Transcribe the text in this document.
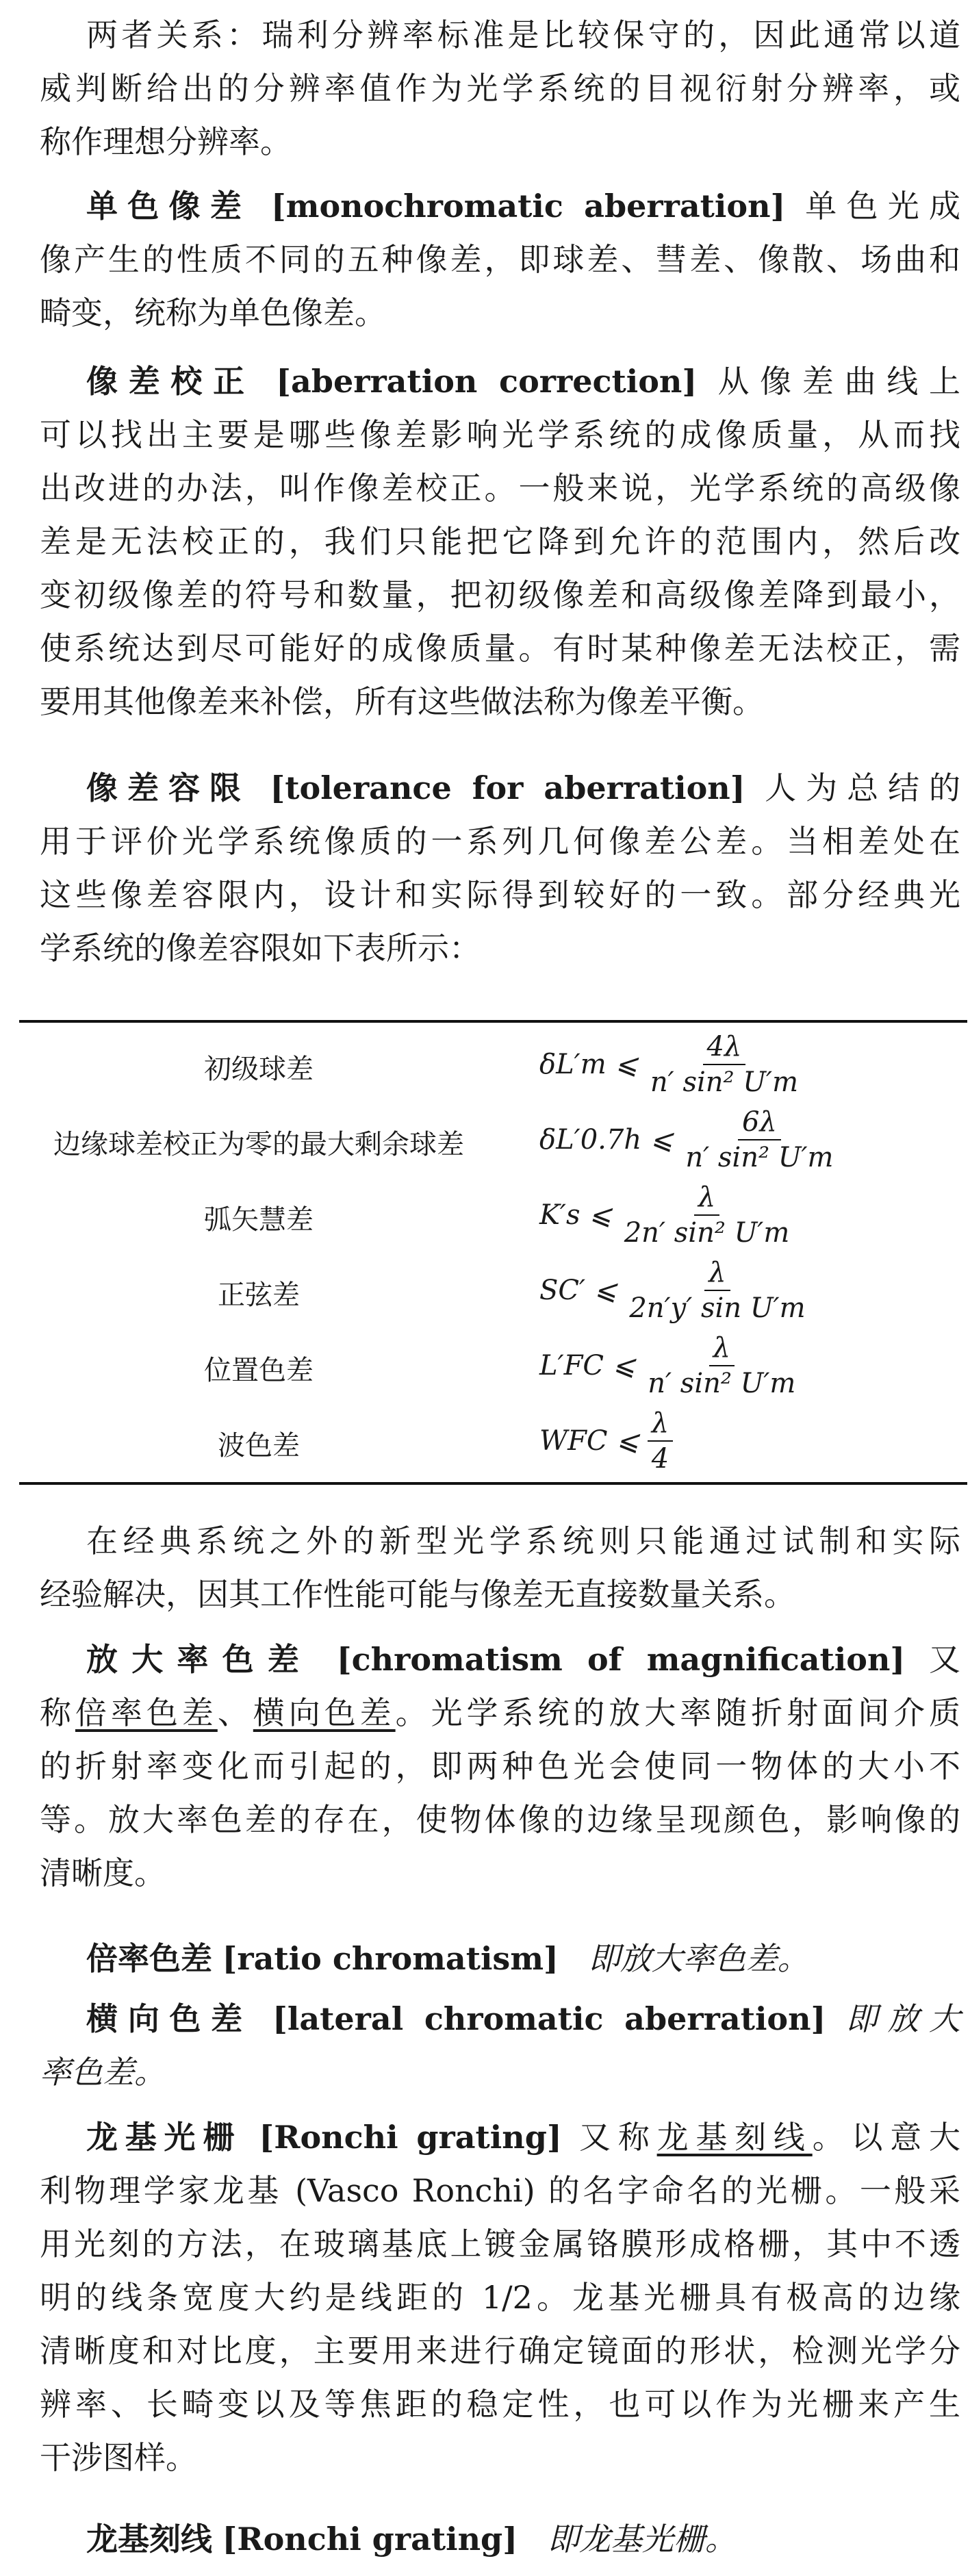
两者关系：瑞利分辨率标准是比较保守的，因此通常以道
威判断给出的分辨率值作为光学系统的目视衍射分辨率，或
称作理想分辨率。
单色像差 [monochromatic aberration] 单色光成
像产生的性质不同的五种像差，即球差、彗差、像散、场曲和
畸变，统称为单色像差。
像差校正 [aberration correction] 从像差曲线上
可以找出主要是哪些像差影响光学系统的成像质量，从而找
出改进的办法，叫作像差校正。一般来说，光学系统的高级像
差是无法校正的，我们只能把它降到允许的范围内，然后改
变初级像差的符号和数量，把初级像差和高级像差降到最小，
使系统达到尽可能好的成像质量。有时某种像差无法校正，需
要用其他像差来补偿，所有这些做法称为像差平衡。
像差容限 [tolerance for aberration] 人为总结的
用于评价光学系统像质的一系列几何像差公差。当相差处在
这些像差容限内，设计和实际得到较好的一致。部分经典光
学系统的像差容限如下表所示：
初级球差	δL′m ⩽ $\frac{4\lambda}{\text{n′ sin² U′m}}$
边缘球差校正为零的最大剩余球差	δL′0.7h ⩽ $\frac{6\lambda}{\text{n′ sin² U′m}}$
弧矢慧差	K′s ⩽ $\frac{\lambda}{\text{2n′ sin² U′m}}$
正弦差	SC′ ⩽ $\frac{\lambda}{\text{2n′y′ sin U′m}}$
位置色差	L′FC ⩽ $\frac{\lambda}{\text{n′ sin² U′m}}$
波色差	WFC ⩽ $\frac{\lambda}{4}$
在经典系统之外的新型光学系统则只能通过试制和实际
经验解决，因其工作性能可能与像差无直接数量关系。
放大率色差 [chromatism of magnification] 又
称倍率色差、横向色差。光学系统的放大率随折射面间介质
的折射率变化而引起的，即两种色光会使同一物体的大小不
等。放大率色差的存在，使物体像的边缘呈现颜色，影响像的
清晰度。
倍率色差 [ratio chromatism] 即放大率色差。
横向色差 [lateral chromatic aberration] 即放大
率色差。
龙基光栅 [Ronchi grating] 又称龙基刻线。以意大
利物理学家龙基 (Vasco Ronchi) 的名字命名的光栅。一般采
用光刻的方法，在玻璃基底上镀金属铬膜形成格栅，其中不透
明的线条宽度大约是线距的 1/2。龙基光栅具有极高的边缘
清晰度和对比度，主要用来进行确定镜面的形状，检测光学分
辨率、长畸变以及等焦距的稳定性，也可以作为光栅来产生
干涉图样。
龙基刻线 [Ronchi grating] 即龙基光栅。
